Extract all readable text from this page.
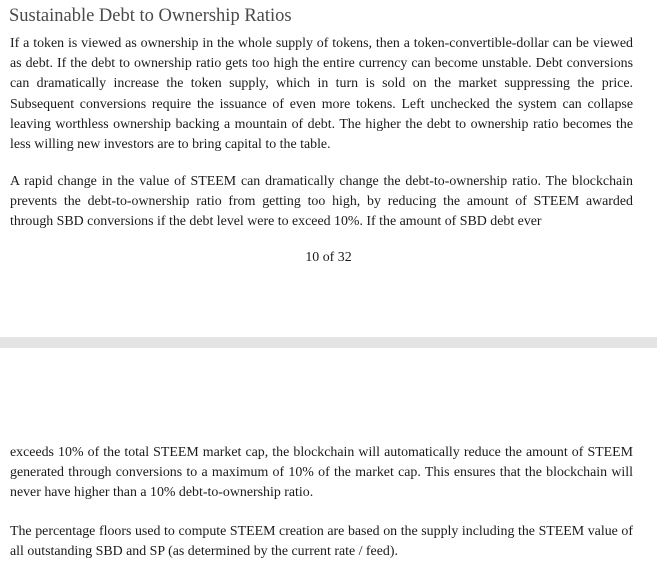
Sustainable Debt to Ownership Ratios

If a token is viewed as ownership in the whole supply of tokens, then a token-convertible-dollar can be viewed as debt. If the debt to ownership ratio gets too high the entire currency can become unstable. Debt conversions can dramatically increase the token supply, which in turn is sold on the market suppressing the price. Subsequent conversions require the issuance of even more tokens. Left unchecked the system can collapse leaving worthless ownership backing a mountain of debt. The higher the debt to ownership ratio becomes the less willing new investors are to bring capital to the table.

A rapid change in the value of STEEM can dramatically change the debt-to-ownership ratio. The blockchain prevents the debt-to-ownership ratio from getting too high, by reducing the amount of STEEM awarded through SBD conversions if the debt level were to exceed 10%. If the amount of SBD debt ever

10 of 32

exceeds 10% of the total STEEM market cap, the blockchain will automatically reduce the amount of STEEM generated through conversions to a maximum of 10% of the market cap. This ensures that the blockchain will never have higher than a 10% debt-to-ownership ratio.

The percentage floors used to compute STEEM creation are based on the supply including the STEEM value of all outstanding SBD and SP (as determined by the current rate / feed).
